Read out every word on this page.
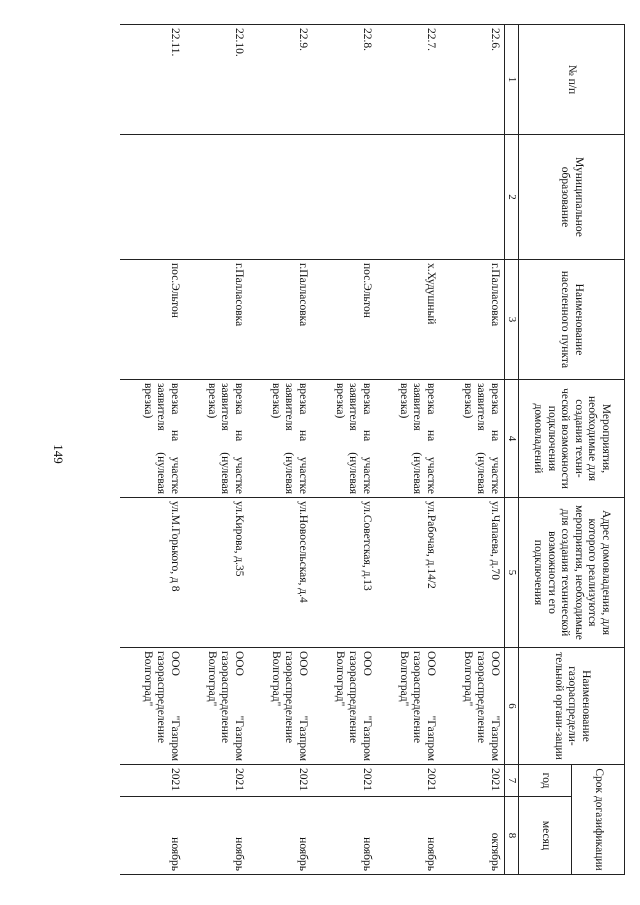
149
№ п/п	Муниципальное образование	Наименование населенного пункта	Мероприятия, необходимые для создания техни-ческой возможности подключения домовладений	Адрес домовладения, для которого реализуются мероприятия, необходимые для создания технической возможности его подключения	Наименование газораспредели-тельной органи-зации	Срок догазификации	
						год	месяц
1	2	3	4	5	6	7	8
22.6.		г.Палласовка	врезка на участке заявителя (нулевая врезка)	ул.Чапаева, д.70	ООО "Газпром газораспределение Волгоград"	2021	октябрь
22.7.		х.Худушный	врезка на участке заявителя (нулевая врезка)	ул.Рабочая, д.14/2	ООО "Газпром газораспределение Волгоград"	2021	ноябрь
22.8.		пос.Эльтон	врезка на участке заявителя (нулевая врезка)	ул.Советская, д.13	ООО "Газпром газораспределение Волгоград"	2021	ноябрь
22.9.		г.Палласовка	врезка на участке заявителя (нулевая врезка)	ул.Новосельская, д.4	ООО "Газпром газораспределение Волгоград"	2021	ноябрь
22.10.		г.Палласовка	врезка на участке заявителя (нулевая врезка)	ул.Кирова, д.35	ООО "Газпром газораспределение Волгоград"	2021	ноябрь
22.11.		пос.Эльтон	врезка на участке заявителя (нулевая врезка)	ул.М.Горького, д 8	ООО "Газпром газораспределение Волгоград"	2021	ноябрь
